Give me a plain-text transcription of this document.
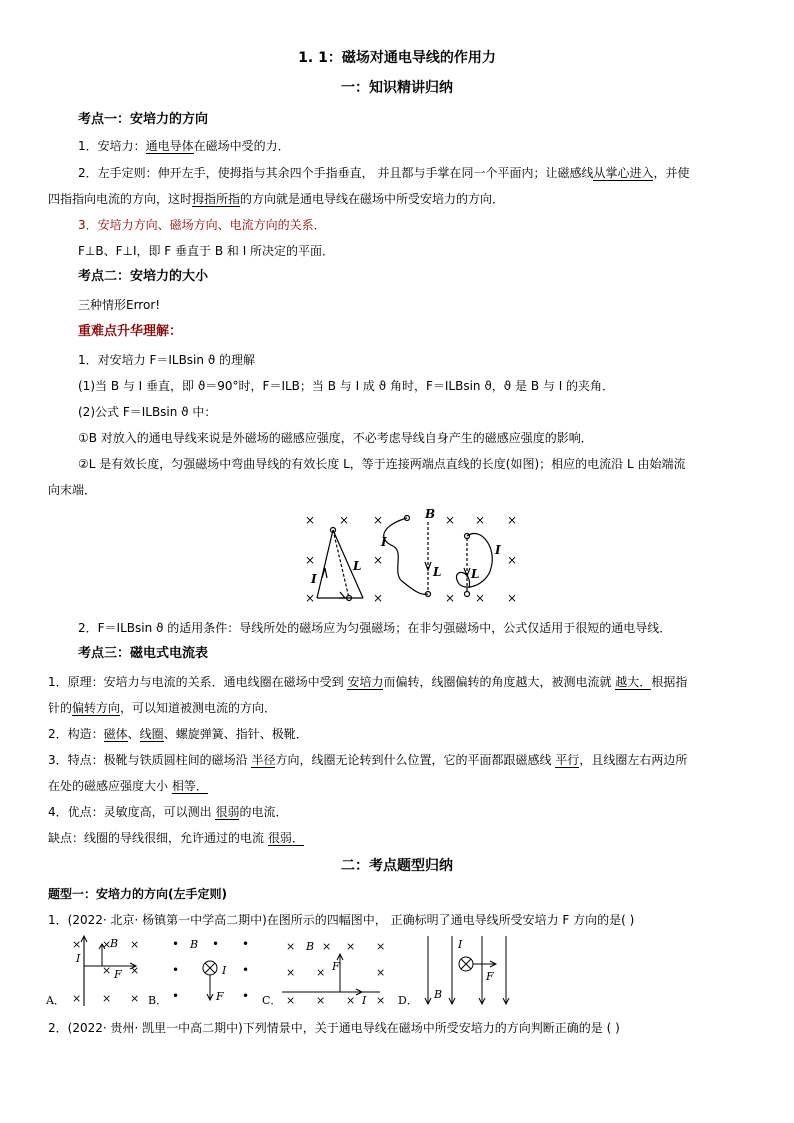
1. 1：磁场对通电导线的作用力
一：知识精讲归纳
考点一：安培力的方向
1．安培力：通电导体在磁场中受的力．
2．左手定则：伸开左手，使拇指与其余四个手指垂直， 并且都与手掌在同一个平面内；让磁感线从掌心进入，并使
四指指向电流的方向，这时拇指所指的方向就是通电导线在磁场中所受安培力的方向．
3．安培力方向、磁场方向、电流方向的关系．
F⊥B、F⊥I，即 F 垂直于 B 和 I 所决定的平面．
考点二：安培力的大小
三种情形Error!
重难点升华理解：
1．对安培力 F＝ILBsin ϑ 的理解
(1)当 B 与 I 垂直，即 ϑ＝90°时，F＝ILB；当 B 与 I 成 ϑ 角时，F＝ILBsin ϑ，ϑ 是 B 与 I 的夹角．
(2)公式 F＝ILBsin ϑ 中：
①B 对放入的通电导线来说是外磁场的磁感应强度，不必考虑导线自身产生的磁感应强度的影响．
②L 是有效长度，匀强磁场中弯曲导线的有效长度 L，等于连接两端点直线的长度(如图)；相应的电流沿 L 由始端流
向末端．
× × ×	× × ×
×	×	×
×	×	× × ×
I
L
B
I
L
I
L
2．F＝ILBsin ϑ 的适用条件：导线所处的磁场应为匀强磁场；在非匀强磁场中，公式仅适用于很短的通电导线．
考点三：磁电式电流表
1．原理：安培力与电流的关系．通电线圈在磁场中受到 安培力而偏转，线圈偏转的角度越大，被测电流就 越大．根据指
针的偏转方向，可以知道被测电流的方向．
2．构造：磁体、线圈、螺旋弹簧、指针、极靴．
3．特点：极靴与铁质圆柱间的磁场沿 半径方向，线圈无论转到什么位置，它的平面都跟磁感线 平行，且线圈左右两边所
在处的磁感应强度大小 相等．
4．优点：灵敏度高，可以测出 很弱的电流．
缺点：线圈的导线很细，允许通过的电流 很弱．
二：考点题型归纳
题型一：安培力的方向(左手定则)
1．(2022· 北京· 杨镇第一中学高二期中)在图所示的四幅图中， 正确标明了通电导线所受安培力 F 方向的是( )
A．
× × ×
× ×
× × ×
B
I
F
B．
•	• •
•	•
•	•
B
I
F	C．
× × × ×
× ×	×
× × × ×
B
F
I	D． B
I
F
2．(2022· 贵州· 凯里一中高二期中)下列情景中，关于通电导线在磁场中所受安培力的方向判断正确的是 ( )
